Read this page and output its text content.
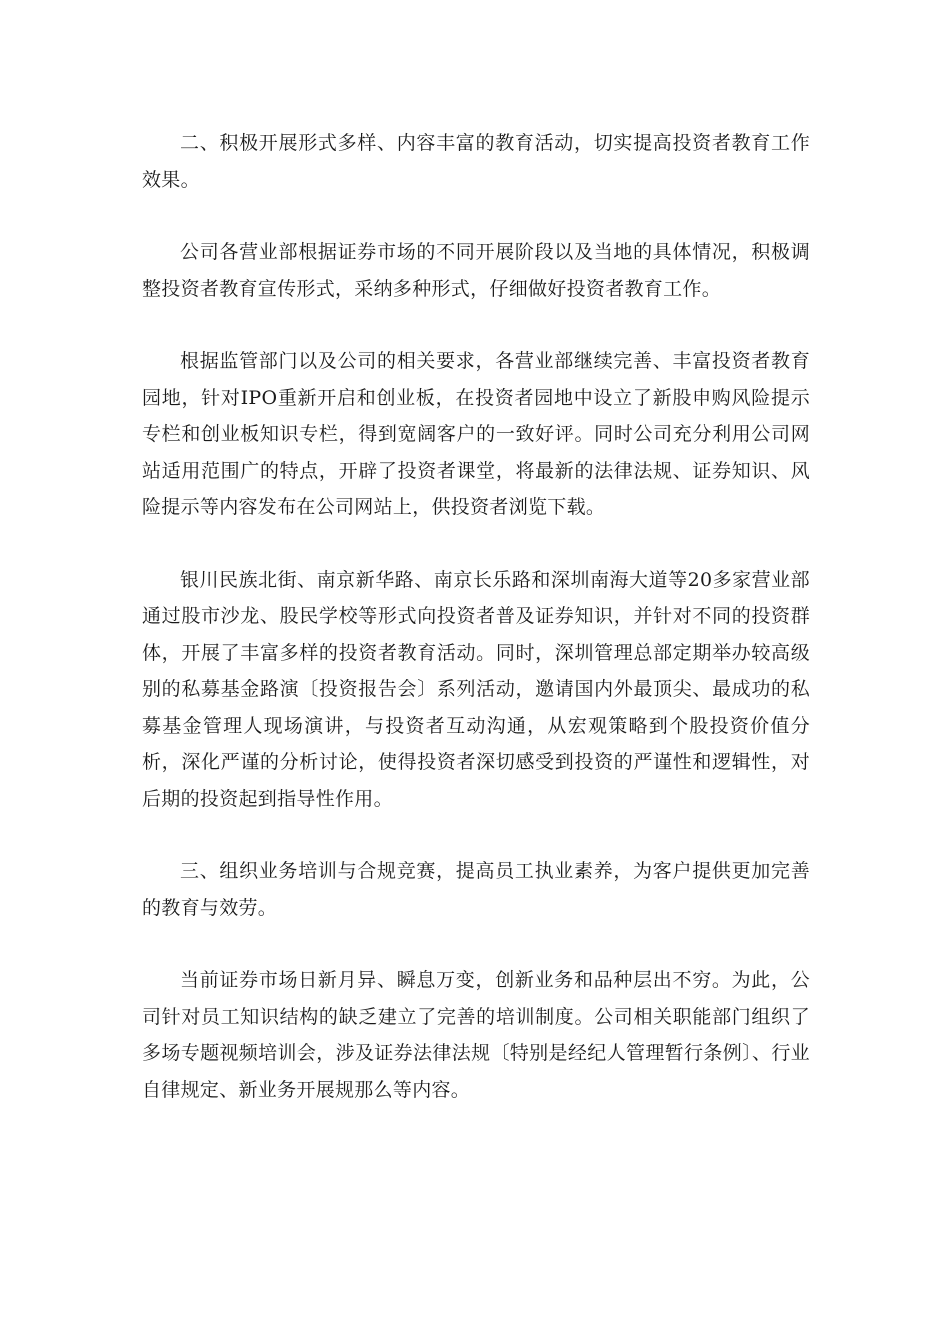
二、积极开展形式多样、内容丰富的教育活动，切实提高投资者教育工作效果。

公司各营业部根据证券市场的不同开展阶段以及当地的具体情况，积极调整投资者教育宣传形式，采纳多种形式，仔细做好投资者教育工作。

根据监管部门以及公司的相关要求，各营业部继续完善、丰富投资者教育园地，针对IPO重新开启和创业板，在投资者园地中设立了新股申购风险提示专栏和创业板知识专栏，得到宽阔客户的一致好评。同时公司充分利用公司网站适用范围广的特点，开辟了投资者课堂，将最新的法律法规、证券知识、风险提示等内容发布在公司网站上，供投资者浏览下载。

银川民族北街、南京新华路、南京长乐路和深圳南海大道等20多家营业部通过股市沙龙、股民学校等形式向投资者普及证券知识，并针对不同的投资群体，开展了丰富多样的投资者教育活动。同时，深圳管理总部定期举办较高级别的私募基金路演〔投资报告会〕系列活动，邀请国内外最顶尖、最成功的私募基金管理人现场演讲，与投资者互动沟通，从宏观策略到个股投资价值分析，深化严谨的分析讨论，使得投资者深切感受到投资的严谨性和逻辑性，对后期的投资起到指导性作用。

三、组织业务培训与合规竞赛，提高员工执业素养，为客户提供更加完善的教育与效劳。

当前证券市场日新月异、瞬息万变，创新业务和品种层出不穷。为此，公司针对员工知识结构的缺乏建立了完善的培训制度。公司相关职能部门组织了多场专题视频培训会，涉及证券法律法规〔特别是经纪人管理暂行条例〕、行业自律规定、新业务开展规那么等内容。
